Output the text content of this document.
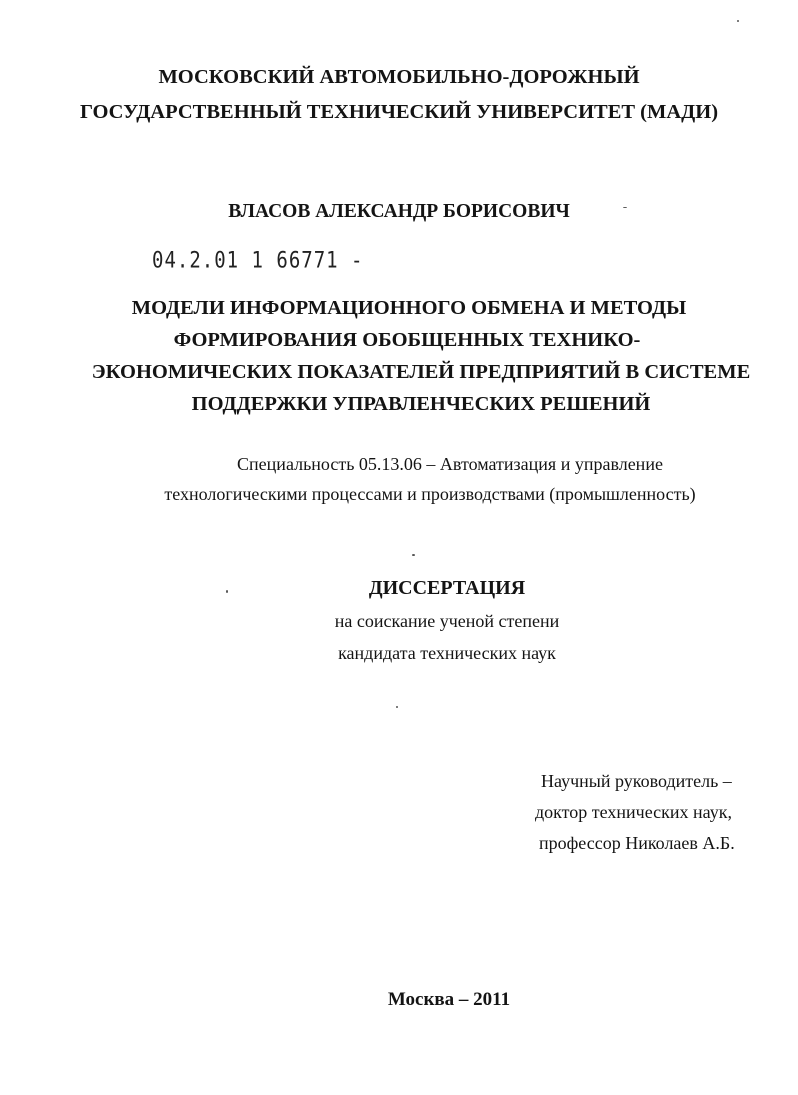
МОСКОВСКИЙ АВТОМОБИЛЬНО-ДОРОЖНЫЙ
ГОСУДАРСТВЕННЫЙ ТЕХНИЧЕСКИЙ УНИВЕРСИТЕТ (МАДИ)
ВЛАСОВ АЛЕКСАНДР БОРИСОВИЧ
04.2.01 1 66771 -
МОДЕЛИ ИНФОРМАЦИОННОГО ОБМЕНА И МЕТОДЫ
ФОРМИРОВАНИЯ ОБОБЩЕННЫХ ТЕХНИКО-
ЭКОНОМИЧЕСКИХ ПОКАЗАТЕЛЕЙ ПРЕДПРИЯТИЙ В СИСТЕМЕ
ПОДДЕРЖКИ УПРАВЛЕНЧЕСКИХ РЕШЕНИЙ
Специальность 05.13.06 – Автоматизация и управление
технологическими процессами и производствами (промышленность)
ДИССЕРТАЦИЯ
на соискание ученой степени
кандидата технических наук
Научный руководитель –
доктор технических наук,
профессор Николаев А.Б.
Москва – 2011
